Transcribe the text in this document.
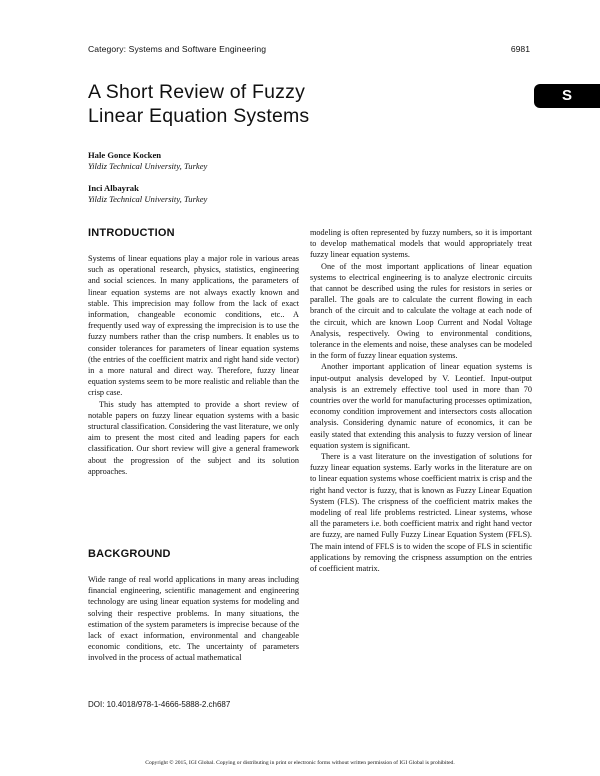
Category: Systems and Software Engineering	6981
A Short Review of Fuzzy
Linear Equation Systems
S
Hale Gonce Kocken
Yildiz Technical University, Turkey
Inci Albayrak
Yildiz Technical University, Turkey
INTRODUCTION

Systems of linear equations play a major role in various areas such as operational research, physics, statistics, engineering and social sciences. In many applications, the parameters of linear equation systems are not always exactly known and stable. This imprecision may follow from the lack of exact information, changeable economic conditions, etc.. A frequently used way of expressing the imprecision is to use the fuzzy numbers rather than the crisp numbers. It enables us to consider tolerances for parameters of linear equation systems (the entries of the coefficient matrix and right hand side vector) in a more natural and direct way. Therefore, fuzzy linear equation systems seem to be more realistic and reliable than the crisp case.

This study has attempted to provide a short review of notable papers on fuzzy linear equation systems with a basic structural classification. Considering the vast literature, we only aim to present the most cited and leading papers for each classification. Our short review will give a general framework about the progression of the subject and its solution approaches.

BACKGROUND

Wide range of real world applications in many areas including financial engineering, scientific management and engineering technology are using linear equation systems for modeling and solving their respective problems. In many situations, the estimation of the system parameters is imprecise because of the lack of exact information, environmental and changeable economic conditions, etc. The uncertainty of parameters involved in the process of actual mathematical

modeling is often represented by fuzzy numbers, so it is important to develop mathematical models that would appropriately treat fuzzy linear equation systems.

One of the most important applications of linear equation systems to electrical engineering is to analyze electronic circuits that cannot be described using the rules for resistors in series or parallel. The goals are to calculate the current flowing in each branch of the circuit and to calculate the voltage at each node of the circuit, which are known Loop Current and Nodal Voltage Analysis, respectively. Owing to environmental conditions, tolerance in the elements and noise, these analyses can be modeled in the form of fuzzy linear equation systems.

Another important application of linear equation systems is input-output analysis developed by V. Leontief. Input-output analysis is an extremely effective tool used in more than 70 countries over the world for manufacturing processes optimization, economy condition improvement and intersectors costs allocation analysis. Considering dynamic nature of economics, it can be easily stated that extending this analysis to fuzzy version of linear equation system is significant.

There is a vast literature on the investigation of solutions for fuzzy linear equation systems. Early works in the literature are on to linear equation systems whose coefficient matrix is crisp and the right hand vector is fuzzy, that is known as Fuzzy Linear Equation System (FLS). The crispness of the coefficient matrix makes the modeling of real life problems restricted. Linear systems, whose all the parameters i.e. both coefficient matrix and right hand vector are fuzzy, are named Fully Fuzzy Linear Equation System (FFLS). The main intend of FFLS is to widen the scope of FLS in scientific applications by removing the crispness assumption on the entries of coefficient matrix.

DOI: 10.4018/978-1-4666-5888-2.ch687
Copyright © 2015, IGI Global. Copying or distributing in print or electronic forms without written permission of IGI Global is prohibited.
